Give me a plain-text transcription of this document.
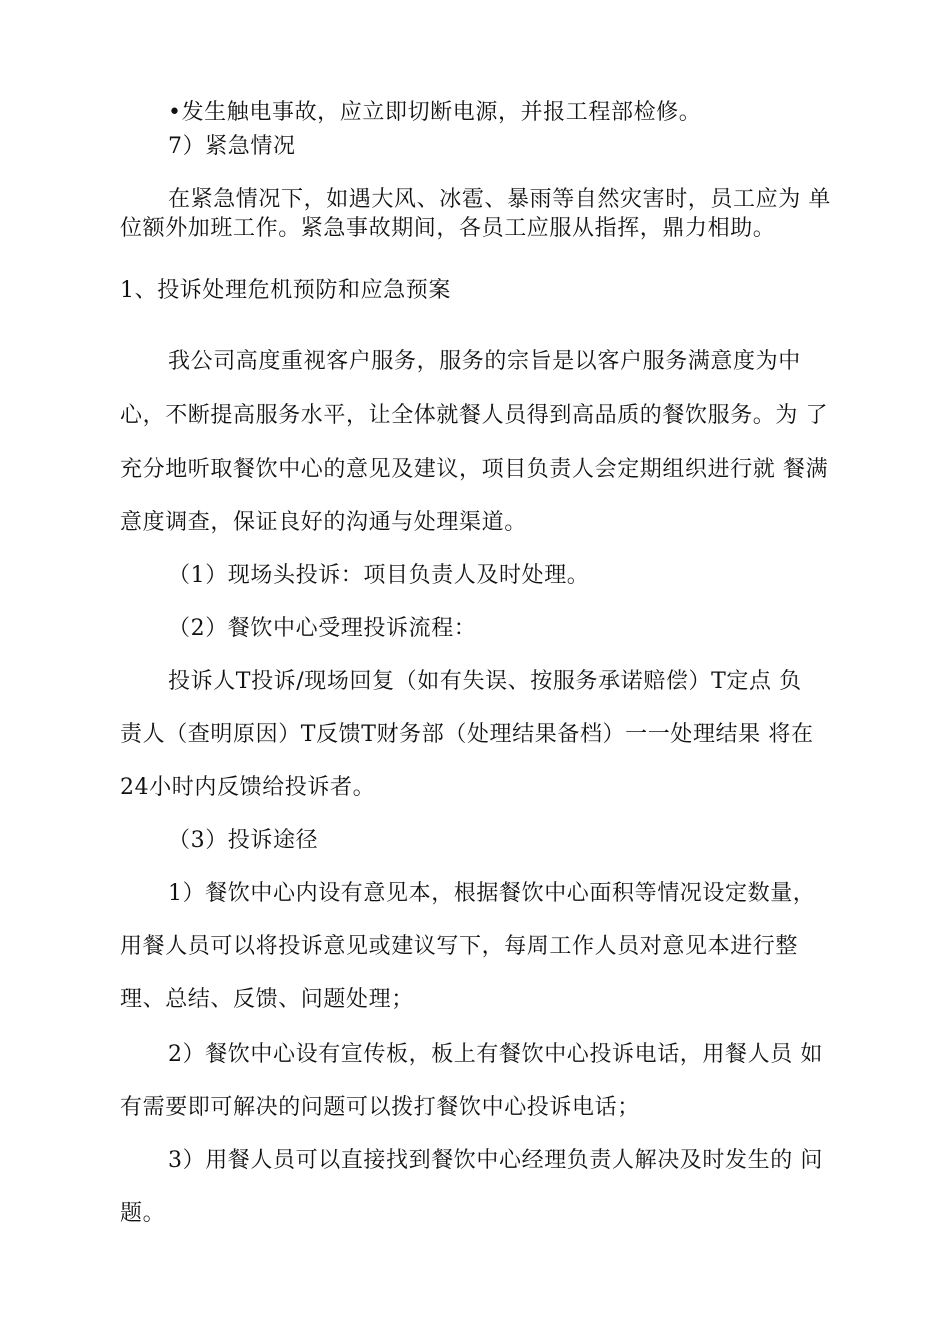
•发生触电事故，应立即切断电源，并报工程部检修。
7）紧急情况
在紧急情况下，如遇大风、冰雹、暴雨等自然灾害时，员工应为 单
位额外加班工作。紧急事故期间，各员工应服从指挥，鼎力相助。
1、投诉处理危机预防和应急预案
我公司高度重视客户服务，服务的宗旨是以客户服务满意度为中
心，不断提高服务水平，让全体就餐人员得到高品质的餐饮服务。为 了
充分地听取餐饮中心的意见及建议，项目负责人会定期组织进行就 餐满
意度调查，保证良好的沟通与处理渠道。
（1）现场头投诉：项目负责人及时处理。
（2）餐饮中心受理投诉流程：
投诉人T投诉/现场回复（如有失误、按服务承诺赔偿）T定点 负
责人（查明原因）T反馈T财务部（处理结果备档）一一处理结果 将在
24小时内反馈给投诉者。
（3）投诉途径
1）餐饮中心内设有意见本，根据餐饮中心面积等情况设定数量，
用餐人员可以将投诉意见或建议写下，每周工作人员对意见本进行整
理、总结、反馈、问题处理；
2）餐饮中心设有宣传板，板上有餐饮中心投诉电话，用餐人员 如
有需要即可解决的问题可以拨打餐饮中心投诉电话；
3）用餐人员可以直接找到餐饮中心经理负责人解决及时发生的 问
题。
